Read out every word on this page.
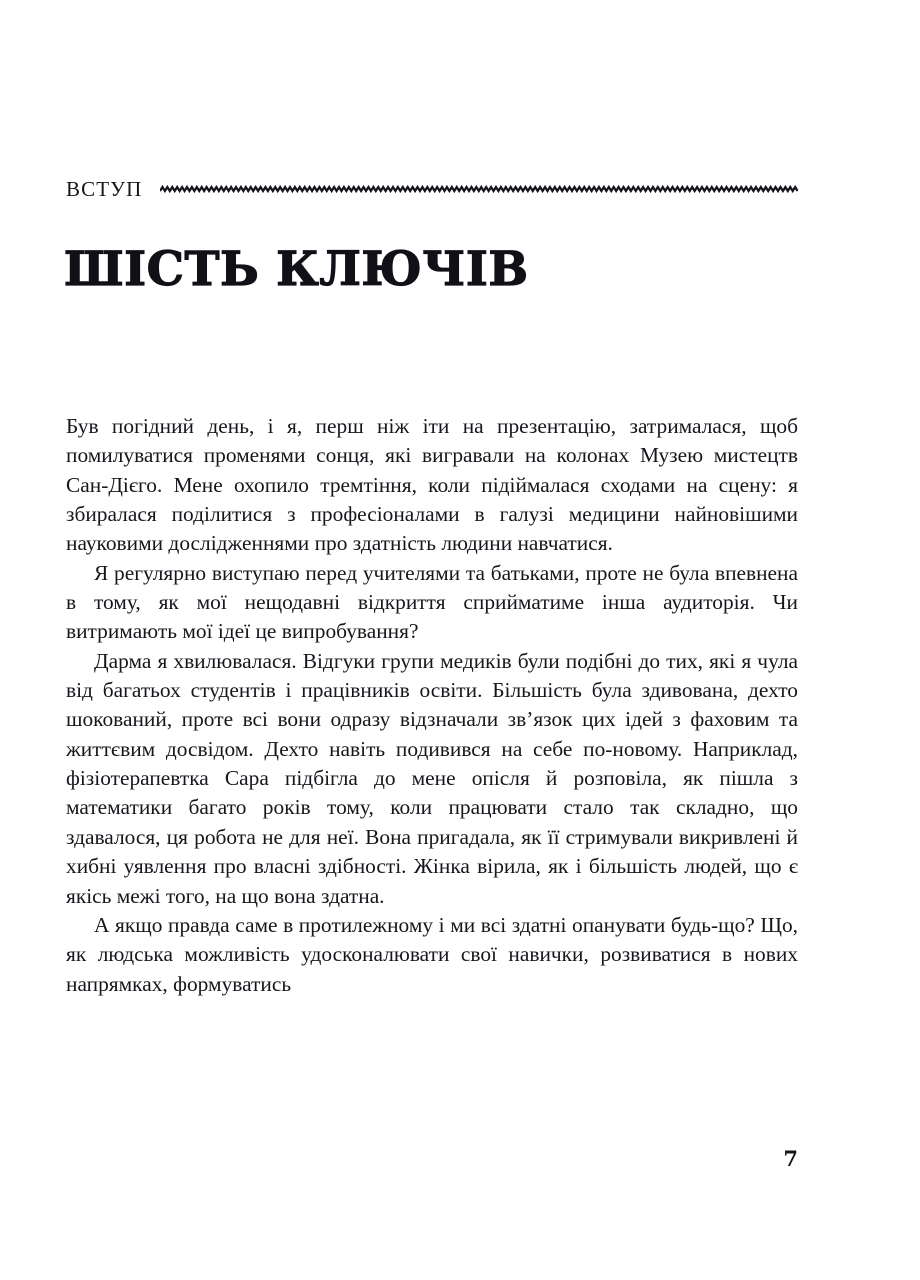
ВСТУП
ШІСТЬ КЛЮЧІВ

Був погідний день, і я, перш ніж іти на презентацію, затрималася, щоб помилуватися променями сонця, які вигравали на колонах Музею мистецтв Сан-Дієго. Мене охопило тремтіння, коли підіймалася сходами на сцену: я збиралася поділитися з професіоналами в галузі медицини найновішими науковими дослідженнями про здатність людини навчатися.

Я регулярно виступаю перед учителями та батьками, проте не була впевнена в тому, як мої нещодавні відкриття сприйматиме інша аудиторія. Чи витримають мої ідеї це випробування?

Дарма я хвилювалася. Відгуки групи медиків були подібні до тих, які я чула від багатьох студентів і працівників освіти. Більшість була здивована, дехто шокований, проте всі вони одразу відзначали зв’язок цих ідей з фаховим та життєвим досвідом. Дехто навіть подивився на себе по-новому. Наприклад, фізіотерапевтка Сара підбігла до мене опісля й розповіла, як пішла з математики багато років тому, коли працювати стало так складно, що здавалося, ця робота не для неї. Вона пригадала, як її стримували викривлені й хибні уявлення про власні здібності. Жінка вірила, як і більшість людей, що є якісь межі того, на що вона здатна.

А якщо правда саме в протилежному і ми всі здатні опанувати будь-що? Що, як людська можливість удосконалювати свої навички, розвиватися в нових напрямках, формуватись

7
